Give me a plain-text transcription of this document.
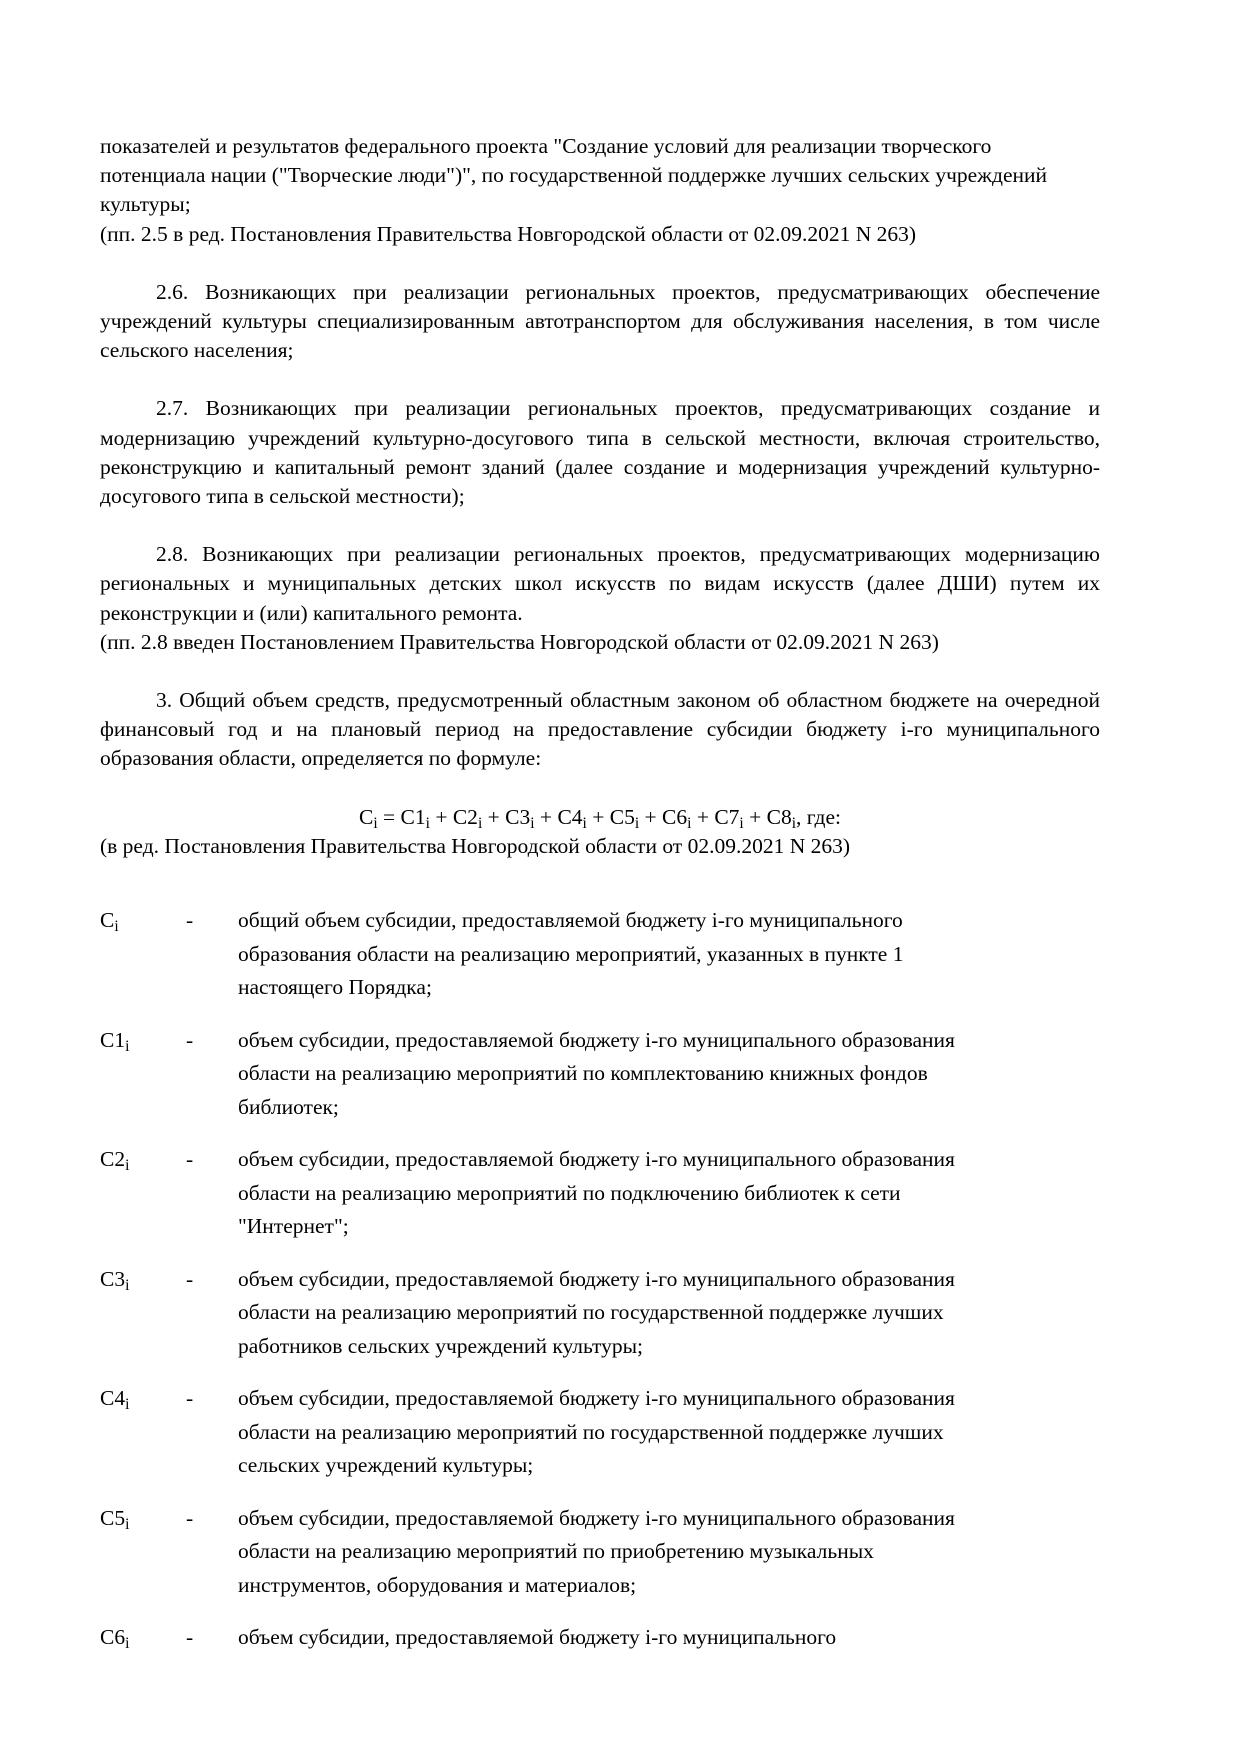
показателей и результатов федерального проекта "Создание условий для реализации творческого потенциала нации ("Творческие люди")", по государственной поддержке лучших сельских учреждений культуры;

(пп. 2.5 в ред. Постановления Правительства Новгородской области от 02.09.2021 N 263)

2.6. Возникающих при реализации региональных проектов, предусматривающих обеспечение учреждений культуры специализированным автотранспортом для обслуживания населения, в том числе сельского населения;

2.7. Возникающих при реализации региональных проектов, предусматривающих создание и модернизацию учреждений культурно-досугового типа в сельской местности, включая строительство, реконструкцию и капитальный ремонт зданий (далее создание и модернизация учреждений культурно-досугового типа в сельской местности);

2.8. Возникающих при реализации региональных проектов, предусматривающих модернизацию региональных и муниципальных детских школ искусств по видам искусств (далее ДШИ) путем их реконструкции и (или) капитального ремонта.

(пп. 2.8 введен Постановлением Правительства Новгородской области от 02.09.2021 N 263)

3. Общий объем средств, предусмотренный областным законом об областном бюджете на очередной финансовый год и на плановый период на предоставление субсидии бюджету i-го муниципального образования области, определяется по формуле:

$C_i = C1_i + C2_i + C3_i + C4_i + C5_i + C6_i + C7_i + C8_i$, где:

(в ред. Постановления Правительства Новгородской области от 02.09.2021 N 263)

$C_i$	-	общий объем субсидии, предоставляемой бюджету i-го муниципального образования области на реализацию мероприятий, указанных в пункте 1 настоящего Порядка;

$C1_i$	-	объем субсидии, предоставляемой бюджету i-го муниципального образования области на реализацию мероприятий по комплектованию книжных фондов библиотек;

$C2_i$	-	объем субсидии, предоставляемой бюджету i-го муниципального образования области на реализацию мероприятий по подключению библиотек к сети "Интернет";

$C3_i$	-	объем субсидии, предоставляемой бюджету i-го муниципального образования области на реализацию мероприятий по государственной поддержке лучших работников сельских учреждений культуры;

$C4_i$	-	объем субсидии, предоставляемой бюджету i-го муниципального образования области на реализацию мероприятий по государственной поддержке лучших сельских учреждений культуры;

$C5_i$	-	объем субсидии, предоставляемой бюджету i-го муниципального образования области на реализацию мероприятий по приобретению музыкальных инструментов, оборудования и материалов;

$C6_i$	-	объем субсидии, предоставляемой бюджету i-го муниципального
